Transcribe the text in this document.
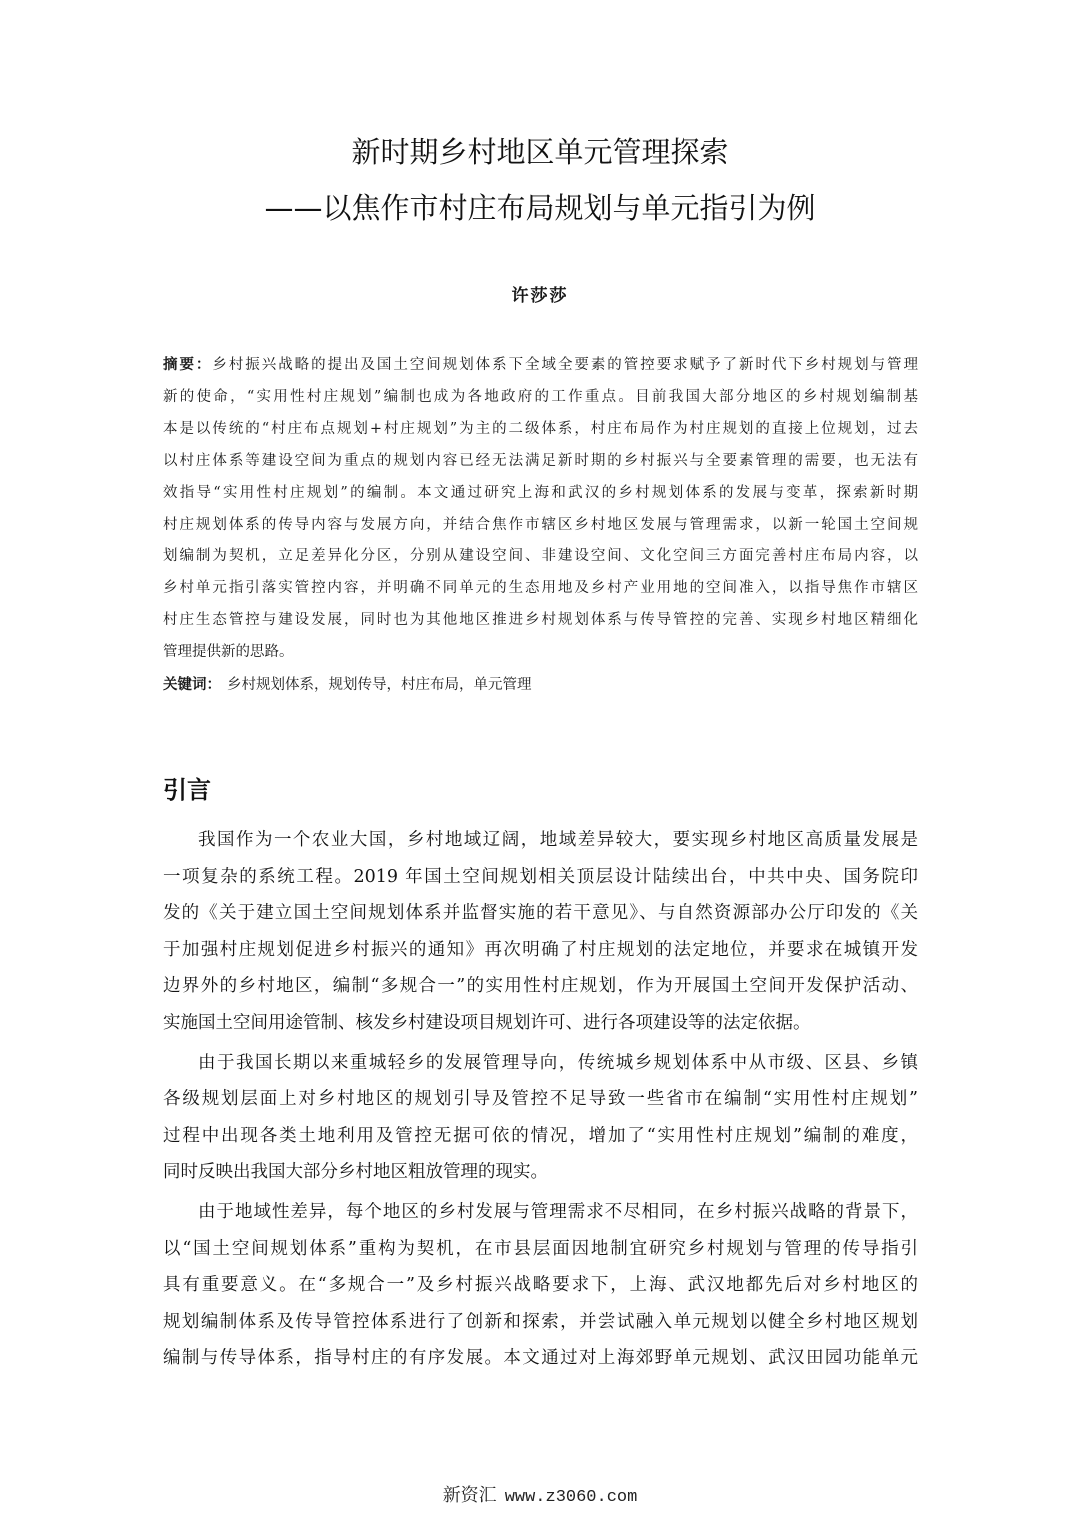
新时期乡村地区单元管理探索
——以焦作市村庄布局规划与单元指引为例
许莎莎
摘要：乡村振兴战略的提出及国土空间规划体系下全域全要素的管控要求赋予了新时代下乡村规划与管理
新的使命，“实用性村庄规划”编制也成为各地政府的工作重点。目前我国大部分地区的乡村规划编制基
本是以传统的“村庄布点规划+村庄规划”为主的二级体系，村庄布局作为村庄规划的直接上位规划，过去
以村庄体系等建设空间为重点的规划内容已经无法满足新时期的乡村振兴与全要素管理的需要，也无法有
效指导“实用性村庄规划”的编制。本文通过研究上海和武汉的乡村规划体系的发展与变革，探索新时期
村庄规划体系的传导内容与发展方向，并结合焦作市辖区乡村地区发展与管理需求，以新一轮国土空间规
划编制为契机，立足差异化分区，分别从建设空间、非建设空间、文化空间三方面完善村庄布局内容，以
乡村单元指引落实管控内容，并明确不同单元的生态用地及乡村产业用地的空间准入，以指导焦作市辖区
村庄生态管控与建设发展，同时也为其他地区推进乡村规划体系与传导管控的完善、实现乡村地区精细化
管理提供新的思路。
关键词： 乡村规划体系，规划传导，村庄布局，单元管理
引言
我国作为一个农业大国，乡村地域辽阔，地域差异较大，要实现乡村地区高质量发展是
一项复杂的系统工程。2019 年国土空间规划相关顶层设计陆续出台，中共中央、国务院印
发的《关于建立国土空间规划体系并监督实施的若干意见》、与自然资源部办公厅印发的《关
于加强村庄规划促进乡村振兴的通知》再次明确了村庄规划的法定地位，并要求在城镇开发
边界外的乡村地区，编制“多规合一”的实用性村庄规划，作为开展国土空间开发保护活动、
实施国土空间用途管制、核发乡村建设项目规划许可、进行各项建设等的法定依据。
由于我国长期以来重城轻乡的发展管理导向，传统城乡规划体系中从市级、区县、乡镇
各级规划层面上对乡村地区的规划引导及管控不足导致一些省市在编制“实用性村庄规划”
过程中出现各类土地利用及管控无据可依的情况，增加了“实用性村庄规划”编制的难度，
同时反映出我国大部分乡村地区粗放管理的现实。
由于地域性差异，每个地区的乡村发展与管理需求不尽相同，在乡村振兴战略的背景下，
以“国土空间规划体系”重构为契机，在市县层面因地制宜研究乡村规划与管理的传导指引
具有重要意义。在“多规合一”及乡村振兴战略要求下，上海、武汉地都先后对乡村地区的
规划编制体系及传导管控体系进行了创新和探索，并尝试融入单元规划以健全乡村地区规划
编制与传导体系，指导村庄的有序发展。本文通过对上海郊野单元规划、武汉田园功能单元
新资汇 www.z3060.com
